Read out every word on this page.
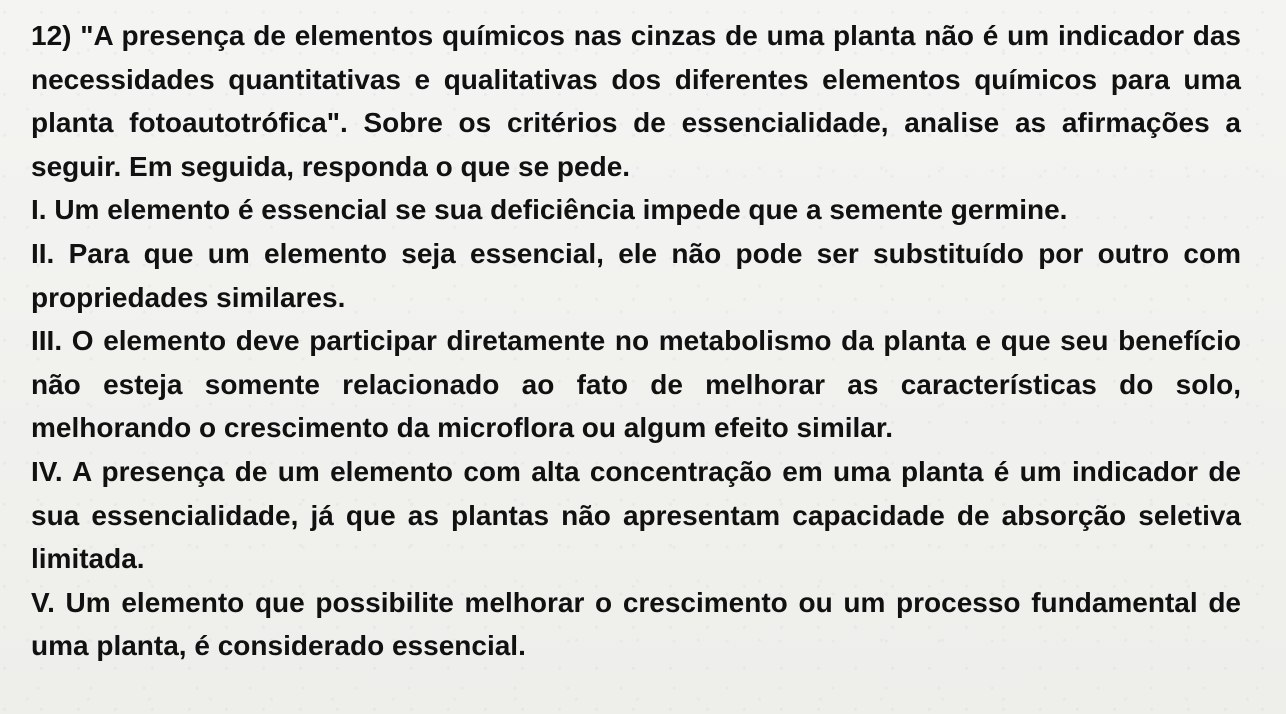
12) "A presença de elementos químicos nas cinzas de uma planta não é um indicador das necessidades quantitativas e qualitativas dos diferentes elementos químicos para uma planta fotoautotrófica". Sobre os critérios de essencialidade, analise as afirmações a seguir. Em seguida, responda o que se pede.

I. Um elemento é essencial se sua deficiência impede que a semente germine.

II. Para que um elemento seja essencial, ele não pode ser substituído por outro com propriedades similares.

III. O elemento deve participar diretamente no metabolismo da planta e que seu benefício não esteja somente relacionado ao fato de melhorar as características do solo, melhorando o crescimento da microflora ou algum efeito similar.

IV. A presença de um elemento com alta concentração em uma planta é um indicador de sua essencialidade, já que as plantas não apresentam capacidade de absorção seletiva limitada.

V. Um elemento que possibilite melhorar o crescimento ou um processo fundamental de uma planta, é considerado essencial.
